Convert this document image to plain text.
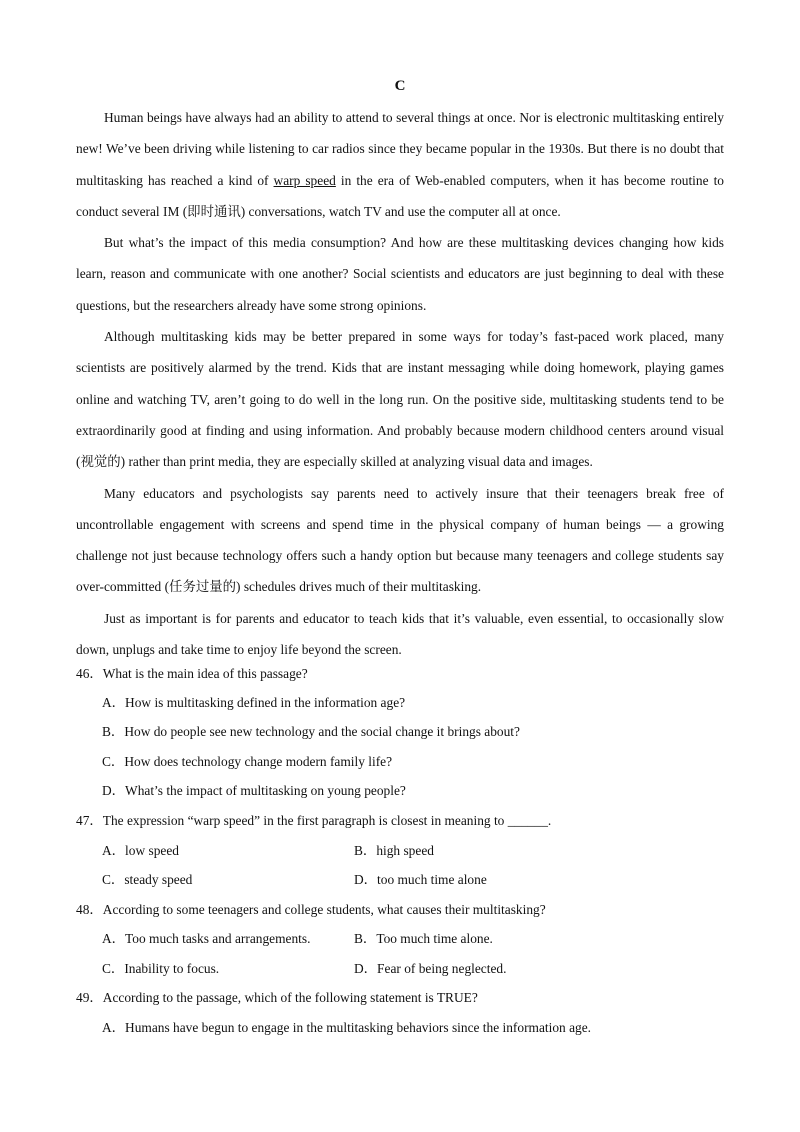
C

Human beings have always had an ability to attend to several things at once. Nor is electronic multitasking entirely new! We’ve been driving while listening to car radios since they became popular in the 1930s. But there is no doubt that multitasking has reached a kind of warp speed in the era of Web-enabled computers, when it has become routine to conduct several IM (即时通讯) conversations, watch TV and use the computer all at once.

But what’s the impact of this media consumption? And how are these multitasking devices changing how kids learn, reason and communicate with one another? Social scientists and educators are just beginning to deal with these questions, but the researchers already have some strong opinions.

Although multitasking kids may be better prepared in some ways for today’s fast-paced work placed, many scientists are positively alarmed by the trend. Kids that are instant messaging while doing homework, playing games online and watching TV, aren’t going to do well in the long run. On the positive side, multitasking students tend to be extraordinarily good at finding and using information. And probably because modern childhood centers around visual (视觉的) rather than print media, they are especially skilled at analyzing visual data and images.

Many educators and psychologists say parents need to actively insure that their teenagers break free of uncontrollable engagement with screens and spend time in the physical company of human beings — a growing challenge not just because technology offers such a handy option but because many teenagers and college students say over-committed (任务过量的) schedules drives much of their multitasking.

Just as important is for parents and educator to teach kids that it’s valuable, even essential, to occasionally slow down, unplugs and take time to enjoy life beyond the screen.

46．What is the main idea of this passage?
A．How is multitasking defined in the information age?
B．How do people see new technology and the social change it brings about?
C．How does technology change modern family life?
D．What’s the impact of multitasking on young people?
47．The expression “warp speed” in the first paragraph is closest in meaning to ______.
A．low speed	B．high speed
C．steady speed	D．too much time alone
48．According to some teenagers and college students, what causes their multitasking?
A．Too much tasks and arrangements.	B．Too much time alone.
C．Inability to focus.	D．Fear of being neglected.
49．According to the passage, which of the following statement is TRUE?
A．Humans have begun to engage in the multitasking behaviors since the information age.
